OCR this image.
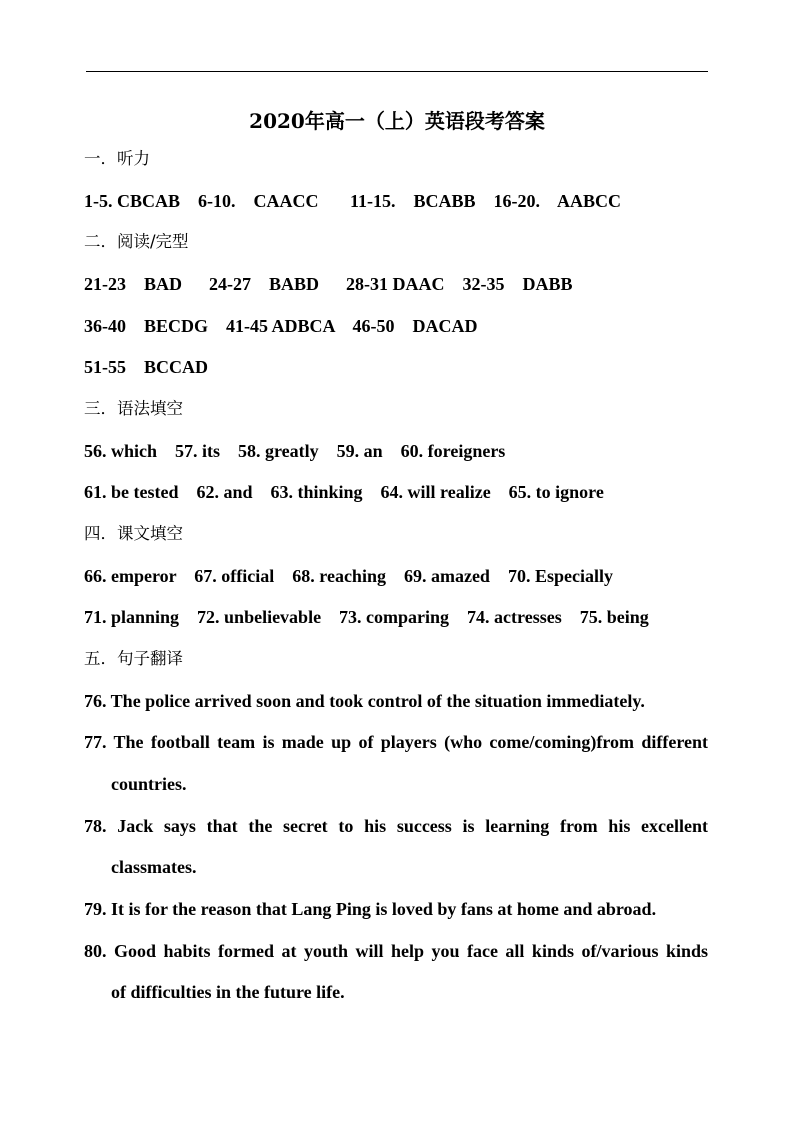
2020年高一（上）英语段考答案
一．听力
1-5. CBCAB    6-10.    CAACC       11-15.    BCABB    16-20.    AABCC
二．阅读/完型
21-23    BAD      24-27    BABD      28-31 DAAC    32-35    DABB
36-40    BECDG    41-45 ADBCA    46-50    DACAD
51-55    BCCAD
三．语法填空
56. which    57. its    58. greatly    59. an    60. foreigners
61. be tested    62. and    63. thinking    64. will realize    65. to ignore
四．课文填空
66. emperor    67. official    68. reaching    69. amazed    70. Especially
71. planning    72. unbelievable    73. comparing    74. actresses    75. being
五．句子翻译
76. The police arrived soon and took control of the situation immediately.
77. The football team is made up of players (who come/coming)from different
countries.
78. Jack says that the secret to his success is learning from his excellent
classmates.
79. It is for the reason that Lang Ping is loved by fans at home and abroad.
80. Good habits formed at youth will help you face all kinds of/various kinds
of difficulties in the future life.
